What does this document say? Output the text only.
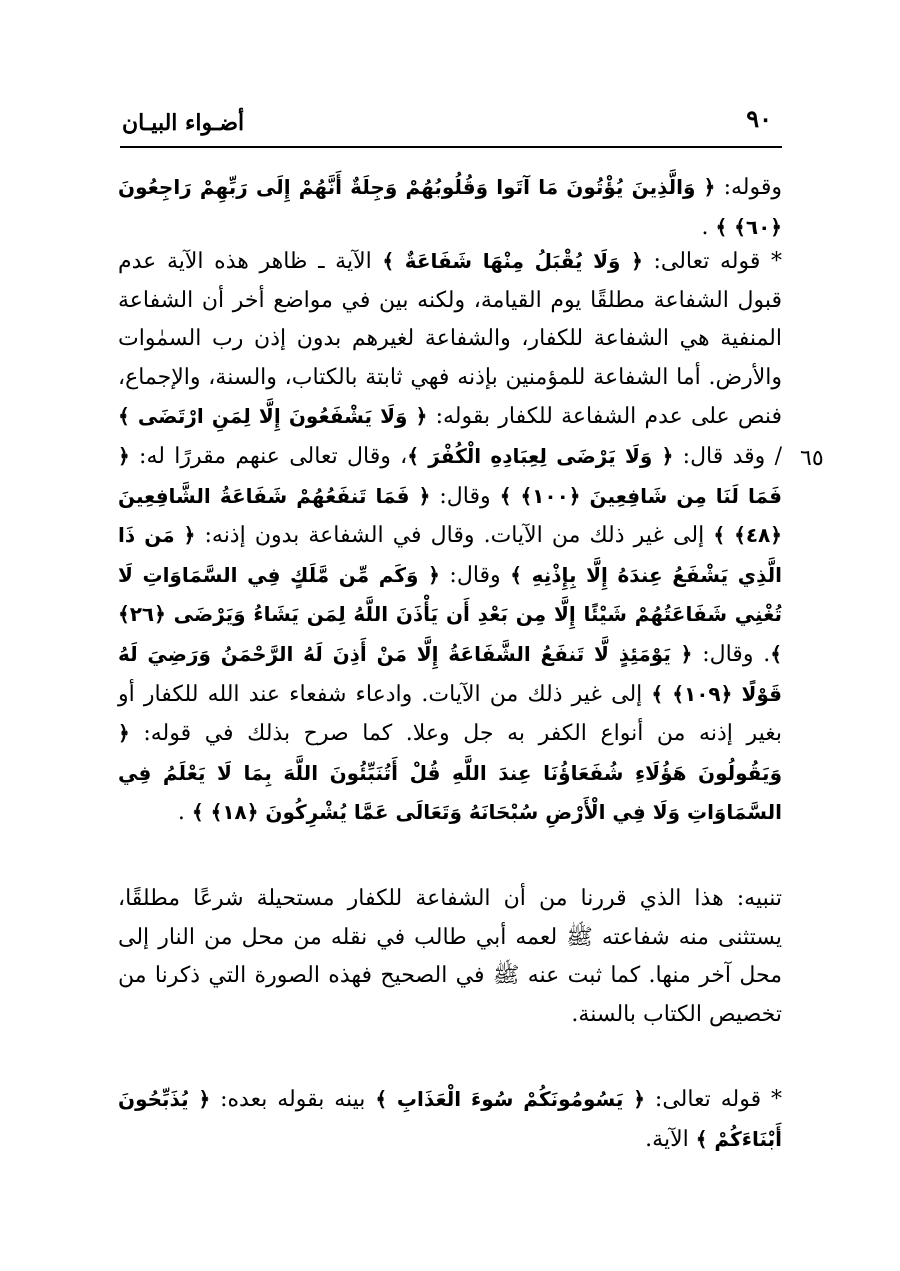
٩٠
أضـواء البيـان
٦٥

وقوله: ﴿ وَالَّذِينَ يُؤْتُونَ مَا آتَوا وَقُلُوبُهُمْ وَجِلَةٌ أَنَّهُمْ إِلَى رَبِّهِمْ رَاجِعُونَ ﴿٦٠﴾ ﴾ .

* قوله تعالى: ﴿ وَلَا يُقْبَلُ مِنْهَا شَفَاعَةٌ ﴾ الآية ـ ظاهر هذه الآية عدم قبول الشفاعة مطلقًا يوم القيامة، ولكنه بين في مواضع أخر أن الشفاعة المنفية هي الشفاعة للكفار، والشفاعة لغيرهم بدون إذن رب السمٰوات والأرض. أما الشفاعة للمؤمنين بإذنه فهي ثابتة بالكتاب، والسنة، والإجماع، فنص على عدم الشفاعة للكفار بقوله: ﴿ وَلَا يَشْفَعُونَ إِلَّا لِمَنِ ارْتَضَى ﴾ / وقد قال: ﴿ وَلَا يَرْضَى لِعِبَادِهِ الْكُفْرَ ﴾، وقال تعالى عنهم مقررًا له: ﴿ فَمَا لَنَا مِن شَافِعِينَ ﴿١٠٠﴾ ﴾ وقال: ﴿ فَمَا تَنفَعُهُمْ شَفَاعَةُ الشَّافِعِينَ ﴿٤٨﴾ ﴾ إلى غير ذلك من الآيات. وقال في الشفاعة بدون إذنه: ﴿ مَن ذَا الَّذِي يَشْفَعُ عِندَهُ إِلَّا بِإِذْنِهِ ﴾ وقال: ﴿ وَكَم مِّن مَّلَكٍ فِي السَّمَاوَاتِ لَا تُغْنِي شَفَاعَتُهُمْ شَيْئًا إِلَّا مِن بَعْدِ أَن يَأْذَنَ اللَّهُ لِمَن يَشَاءُ وَيَرْضَى ﴿٢٦﴾ ﴾. وقال: ﴿ يَوْمَئِذٍ لَّا تَنفَعُ الشَّفَاعَةُ إِلَّا مَنْ أَذِنَ لَهُ الرَّحْمَنُ وَرَضِيَ لَهُ قَوْلًا ﴿١٠٩﴾ ﴾ إلى غير ذلك من الآيات. وادعاء شفعاء عند الله للكفار أو بغير إذنه من أنواع الكفر به جل وعلا. كما صرح بذلك في قوله: ﴿ وَيَقُولُونَ هَؤُلَاءِ شُفَعَاؤُنَا عِندَ اللَّهِ قُلْ أَتُنَبِّئُونَ اللَّهَ بِمَا لَا يَعْلَمُ فِي السَّمَاوَاتِ وَلَا فِي الْأَرْضِ سُبْحَانَهُ وَتَعَالَى عَمَّا يُشْرِكُونَ ﴿١٨﴾ ﴾ .

تنبيه: هذا الذي قررنا من أن الشفاعة للكفار مستحيلة شرعًا مطلقًا، يستثنى منه شفاعته ﷺ لعمه أبي طالب في نقله من محل من النار إلى محل آخر منها. كما ثبت عنه ﷺ في الصحيح فهذه الصورة التي ذكرنا من تخصيص الكتاب بالسنة.

* قوله تعالى: ﴿ يَسُومُونَكُمْ سُوءَ الْعَذَابِ ﴾ بينه بقوله بعده: ﴿ يُذَبِّحُونَ أَبْنَاءَكُمْ ﴾ الآية.
